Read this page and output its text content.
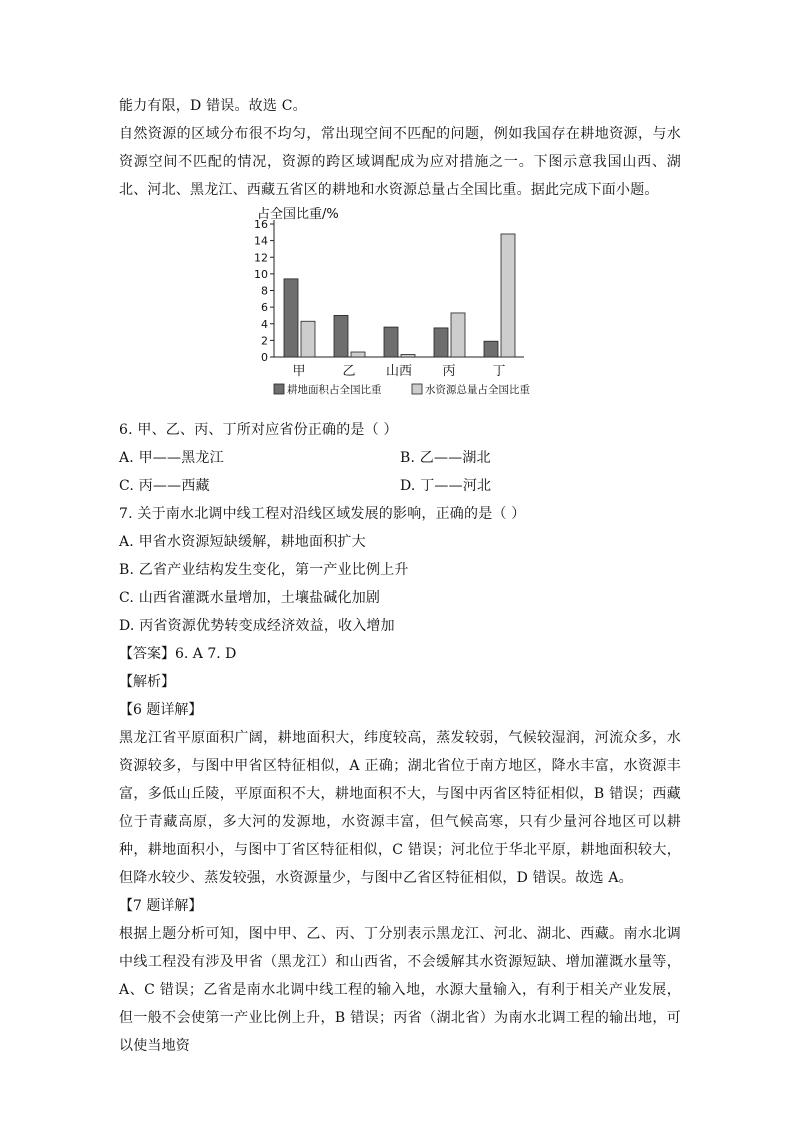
能力有限，D 错误。故选 C。

自然资源的区域分布很不均匀，常出现空间不匹配的问题，例如我国存在耕地资源，与水资源空间不匹配的情况，资源的跨区域调配成为应对措施之一。下图示意我国山西、湖北、河北、黑龙江、西藏五省区的耕地和水资源总量占全国比重。据此完成下面小题。

占全国比重/%
0
2
4
6
8
10
12
14
16
甲	乙 山西 丙	丁
耕地面积占全国比重	水资源总量占全国比重

6. 甲、乙、丙、丁所对应省份正确的是（ ）

A. 甲——黑龙江	B. 乙——湖北

C. 丙——西藏	D. 丁——河北

7. 关于南水北调中线工程对沿线区域发展的影响，正确的是（ ）

A. 甲省水资源短缺缓解，耕地面积扩大

B. 乙省产业结构发生变化，第一产业比例上升

C. 山西省灌溉水量增加，土壤盐碱化加剧

D. 丙省资源优势转变成经济效益，收入增加

【答案】6. A 7. D

【解析】

【6 题详解】

黑龙江省平原面积广阔，耕地面积大，纬度较高，蒸发较弱，气候较湿润，河流众多，水资源较多，与图中甲省区特征相似，A 正确；湖北省位于南方地区，降水丰富，水资源丰富，多低山丘陵，平原面积不大，耕地面积不大，与图中丙省区特征相似，B 错误；西藏位于青藏高原，多大河的发源地，水资源丰富，但气候高寒，只有少量河谷地区可以耕种，耕地面积小，与图中丁省区特征相似，C 错误；河北位于华北平原，耕地面积较大，但降水较少、蒸发较强，水资源量少，与图中乙省区特征相似，D 错误。故选 A。

【7 题详解】

根据上题分析可知，图中甲、乙、丙、丁分别表示黑龙江、河北、湖北、西藏。南水北调中线工程没有涉及甲省（黑龙江）和山西省，不会缓解其水资源短缺、增加灌溉水量等，A、C 错误；乙省是南水北调中线工程的输入地，水源大量输入，有利于相关产业发展，但一般不会使第一产业比例上升，B 错误；丙省（湖北省）为南水北调工程的输出地，可以使当地资
